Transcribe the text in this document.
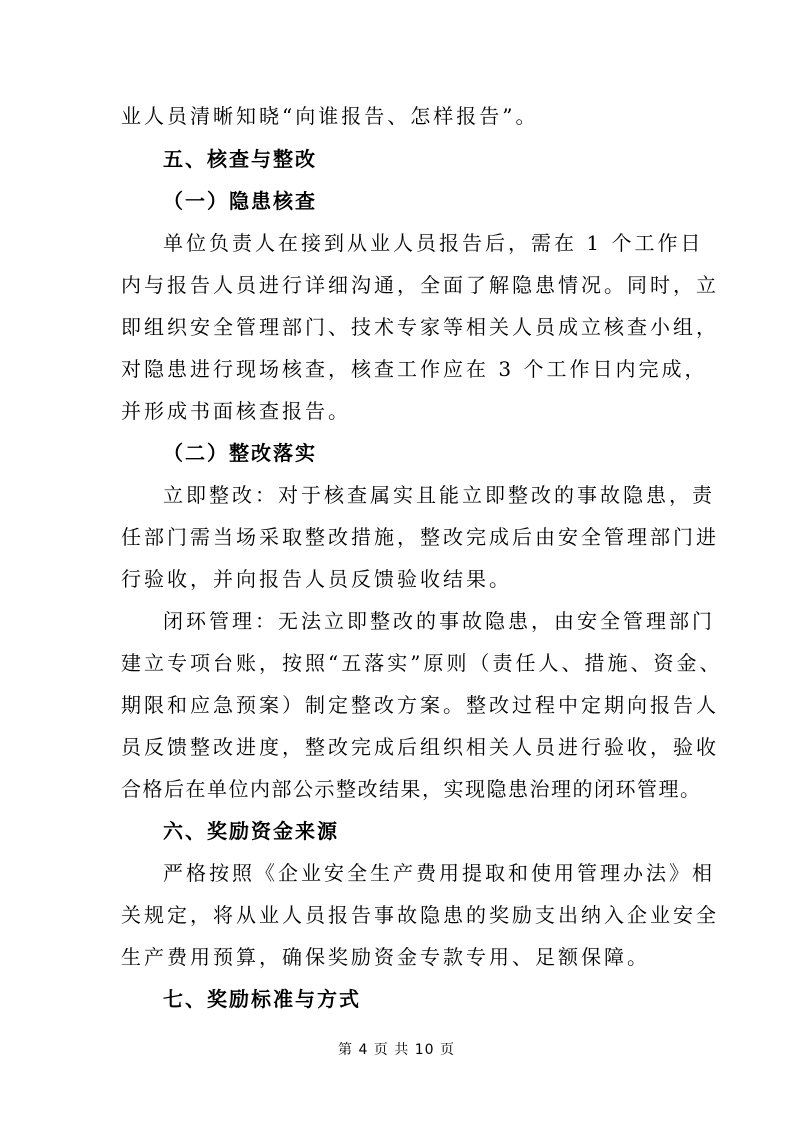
业人员清晰知晓“向谁报告、怎样报告”。
五、核查与整改
（一）隐患核查
单位负责人在接到从业人员报告后，需在 1 个工作日
内与报告人员进行详细沟通，全面了解隐患情况。同时，立
即组织安全管理部门、技术专家等相关人员成立核查小组，
对隐患进行现场核查，核查工作应在 3 个工作日内完成，
并形成书面核查报告。
（二）整改落实
立即整改：对于核查属实且能立即整改的事故隐患，责
任部门需当场采取整改措施，整改完成后由安全管理部门进
行验收，并向报告人员反馈验收结果。
闭环管理：无法立即整改的事故隐患，由安全管理部门
建立专项台账，按照“五落实”原则（责任人、措施、资金、
期限和应急预案）制定整改方案。整改过程中定期向报告人
员反馈整改进度，整改完成后组织相关人员进行验收，验收
合格后在单位内部公示整改结果，实现隐患治理的闭环管理。
六、奖励资金来源
严格按照《企业安全生产费用提取和使用管理办法》相
关规定，将从业人员报告事故隐患的奖励支出纳入企业安全
生产费用预算，确保奖励资金专款专用、足额保障。
七、奖励标准与方式
第 4 页 共 10 页
